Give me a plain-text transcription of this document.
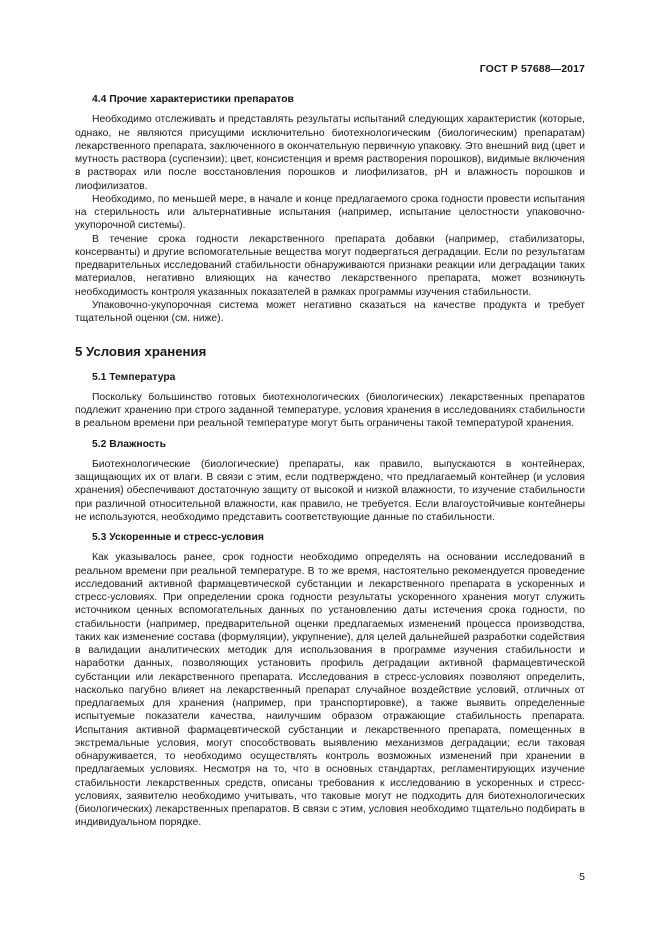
ГОСТ Р 57688—2017
4.4 Прочие характеристики препаратов

Необходимо отслеживать и представлять результаты испытаний следующих характеристик (которые, однако, не являются присущими исключительно биотехнологическим (биологическим) препаратам) лекарственного препарата, заключенного в окончательную первичную упаковку. Это внешний вид (цвет и мутность раствора (суспензии); цвет, консистенция и время растворения порошков), видимые включения в растворах или после восстановления порошков и лиофилизатов, pH и влажность порошков и лиофилизатов.

Необходимо, по меньшей мере, в начале и конце предлагаемого срока годности провести испытания на стерильность или альтернативные испытания (например, испытание целостности упаковочно-укупорочной системы).

В течение срока годности лекарственного препарата добавки (например, стабилизаторы, консерванты) и другие вспомогательные вещества могут подвергаться деградации. Если по результатам предварительных исследований стабильности обнаруживаются признаки реакции или деградации таких материалов, негативно влияющих на качество лекарственного препарата, может возникнуть необходимость контроля указанных показателей в рамках программы изучения стабильности.

Упаковочно-укупорочная система может негативно сказаться на качестве продукта и требует тщательной оценки (см. ниже).

5 Условия хранения
5.1 Температура

Поскольку большинство готовых биотехнологических (биологических) лекарственных препаратов подлежит хранению при строго заданной температуре, условия хранения в исследованиях стабильности в реальном времени при реальной температуре могут быть ограничены такой температурой хранения.

5.2 Влажность

Биотехнологические (биологические) препараты, как правило, выпускаются в контейнерах, защищающих их от влаги. В связи с этим, если подтверждено, что предлагаемый контейнер (и условия хранения) обеспечивают достаточную защиту от высокой и низкой влажности, то изучение стабильности при различной относительной влажности, как правило, не требуется. Если влагоустойчивые контейнеры не используются, необходимо представить соответствующие данные по стабильности.

5.3 Ускоренные и стресс-условия

Как указывалось ранее, срок годности необходимо определять на основании исследований в реальном времени при реальной температуре. В то же время, настоятельно рекомендуется проведение исследований активной фармацевтической субстанции и лекарственного препарата в ускоренных и стресс-условиях. При определении срока годности результаты ускоренного хранения могут служить источником ценных вспомогательных данных по установлению даты истечения срока годности, по стабильности (например, предварительной оценки предлагаемых изменений процесса производства, таких как изменение состава (формуляции), укрупнение), для целей дальнейшей разработки содействия в валидации аналитических методик для использования в программе изучения стабильности и наработки данных, позволяющих установить профиль деградации активной фармацевтической субстанции или лекарственного препарата. Исследования в стресс-условиях позволяют определить, насколько пагубно влияет на лекарственный препарат случайное воздействие условий, отличных от предлагаемых для хранения (например, при транспортировке), а также выявить определенные испытуемые показатели качества, наилучшим образом отражающие стабильность препарата. Испытания активной фармацевтической субстанции и лекарственного препарата, помещенных в экстремальные условия, могут способствовать выявлению механизмов деградации; если таковая обнаруживается, то необходимо осуществлять контроль возможных изменений при хранении в предлагаемых условиях. Несмотря на то, что в основных стандартах, регламентирующих изучение стабильности лекарственных средств, описаны требования к исследованию в ускоренных и стресс-условиях, заявителю необходимо учитывать, что таковые могут не подходить для биотехнологических (биологических) лекарственных препаратов. В связи с этим, условия необходимо тщательно подбирать в индивидуальном порядке.

5
